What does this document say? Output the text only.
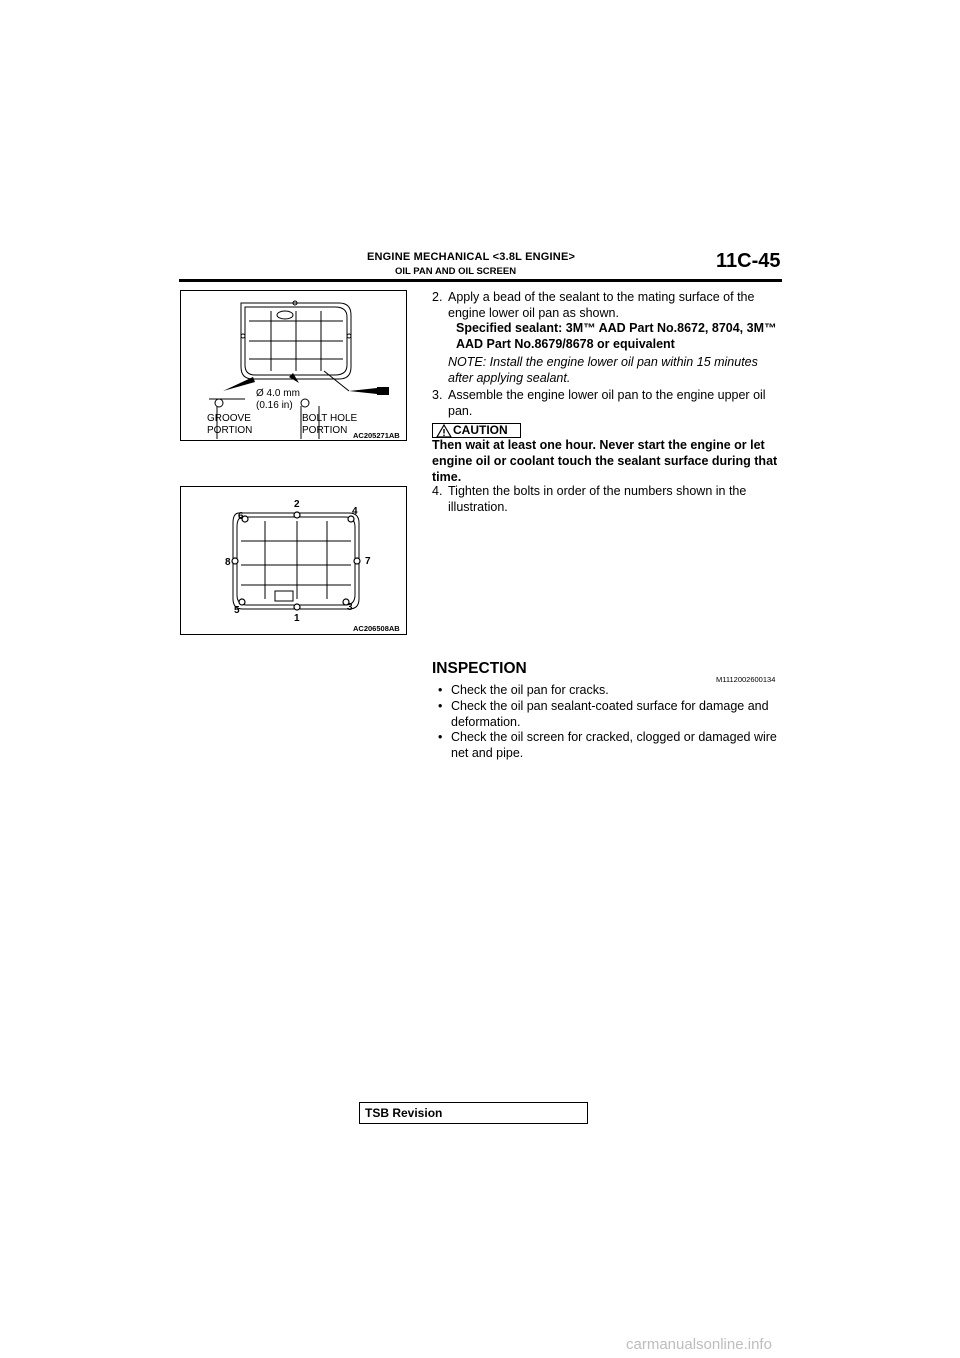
ENGINE MECHANICAL <3.8L ENGINE>
OIL PAN AND OIL SCREEN	11C-45
Ø 4.0 mm
(0.16 in)
GROOVE
PORTION
BOLT HOLE
PORTION AC205271AB
1
2
3
4
5
6
7
8
AC206508AB
2. Apply a bead of the sealant to the mating surface of the engine lower oil pan as shown.
Specified sealant: 3M™ AAD Part No.8672, 8704, 3M™ AAD Part No.8679/8678 or equivalent
NOTE: Install the engine lower oil pan within 15 minutes after applying sealant.
3. Assemble the engine lower oil pan to the engine upper oil pan.
CAUTION
Then wait at least one hour. Never start the engine or let engine oil or coolant touch the sealant surface during that time.
4. Tighten the bolts in order of the numbers shown in the illustration.
INSPECTION
M1112002600134
• Check the oil pan for cracks.
• Check the oil pan sealant-coated surface for damage and deformation.
• Check the oil screen for cracked, clogged or damaged wire net and pipe.
TSB Revision
carmanualsonline.info
